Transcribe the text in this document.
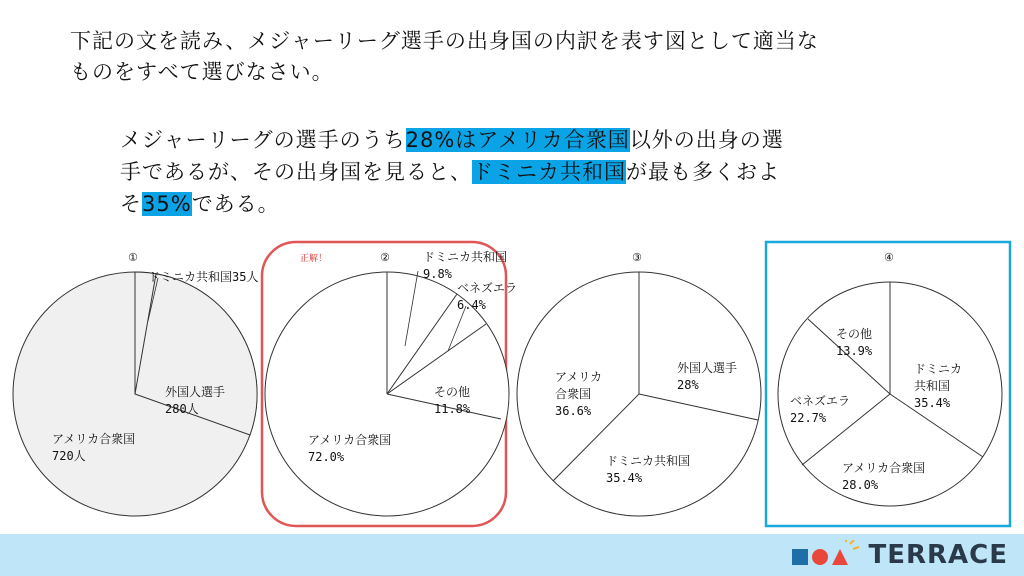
下記の文を読み、メジャーリーグ選手の出身国の内訳を表す図として適当な
ものをすべて選びなさい。
メジャーリーグの選手のうち28%はアメリカ合衆国以外の出身の選
手であるが、その出身国を見ると、ドミニカ共和国が最も多くおよ
そ35%である。
①
ドミニカ共和国35人
外国人選手
280人
アメリカ合衆国
720人
正解！	②	ドミニカ共和国
9.8%
ベネズエラ
6.4%
その他
11.8%
アメリカ合衆国
72.0%
③
外国人選手
28%
アメリカ
合衆国
36.6%
ドミニカ共和国
35.4%
④
その他
13.9%
ドミニカ
共和国
35.4%
ベネズエラ
22.7%
アメリカ合衆国
28.0%
TERRACE
